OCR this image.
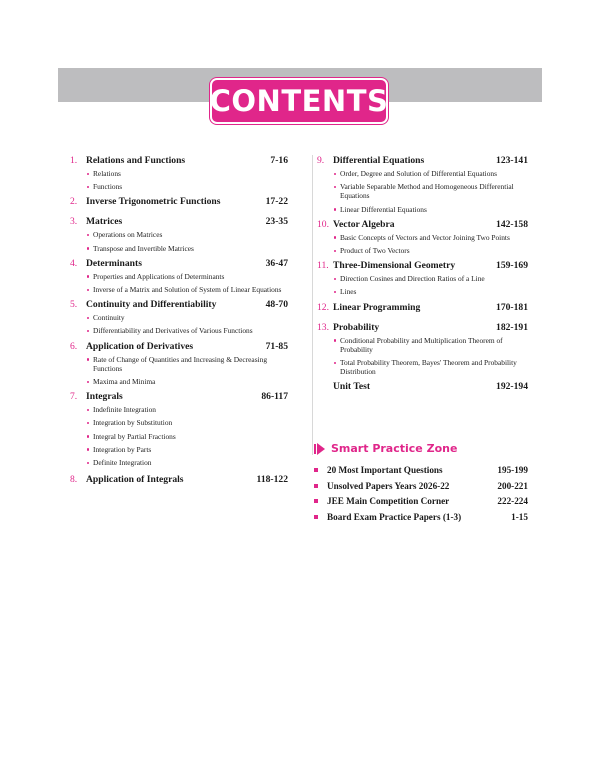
CONTENTS
1. Relations and Functions	7-16
Relations
Functions
2. Inverse Trigonometric Functions	17-22
3. Matrices	23-35
Operations on Matrices
Transpose and Invertible Matrices
4. Determinants	36-47
Properties and Applications of Determinants
Inverse of a Matrix and Solution of System of Linear Equations
5. Continuity and Differentiability	48-70
Continuity
Differentiability and Derivatives of Various Functions
6. Application of Derivatives	71-85
Rate of Change of Quantities and Increasing & Decreasing Functions
Maxima and Minima
7. Integrals	86-117
Indefinite Integration
Integration by Substitution
Integral by Partial Fractions
Integration by Parts
Definite Integration
8. Application of Integrals	118-122
9. Differential Equations	123-141
Order, Degree and Solution of Differential Equations
Variable Separable Method and Homogeneous Differential Equations
Linear Differential Equations
10. Vector Algebra	142-158
Basic Concepts of Vectors and Vector Joining Two Points
Product of Two Vectors
11. Three-Dimensional Geometry	159-169
Direction Cosines and Direction Ratios of a Line
Lines
12. Linear Programming	170-181
13. Probability	182-191
Conditional Probability and Multiplication Theorem of Probability
Total Probability Theorem, Bayes' Theorem and Probability Distribution
Unit Test	192-194
Smart Practice Zone
20 Most Important Questions	195-199
Unsolved Papers Years 2026-22	200-221
JEE Main Competition Corner	222-224
Board Exam Practice Papers (1-3)	1-15
